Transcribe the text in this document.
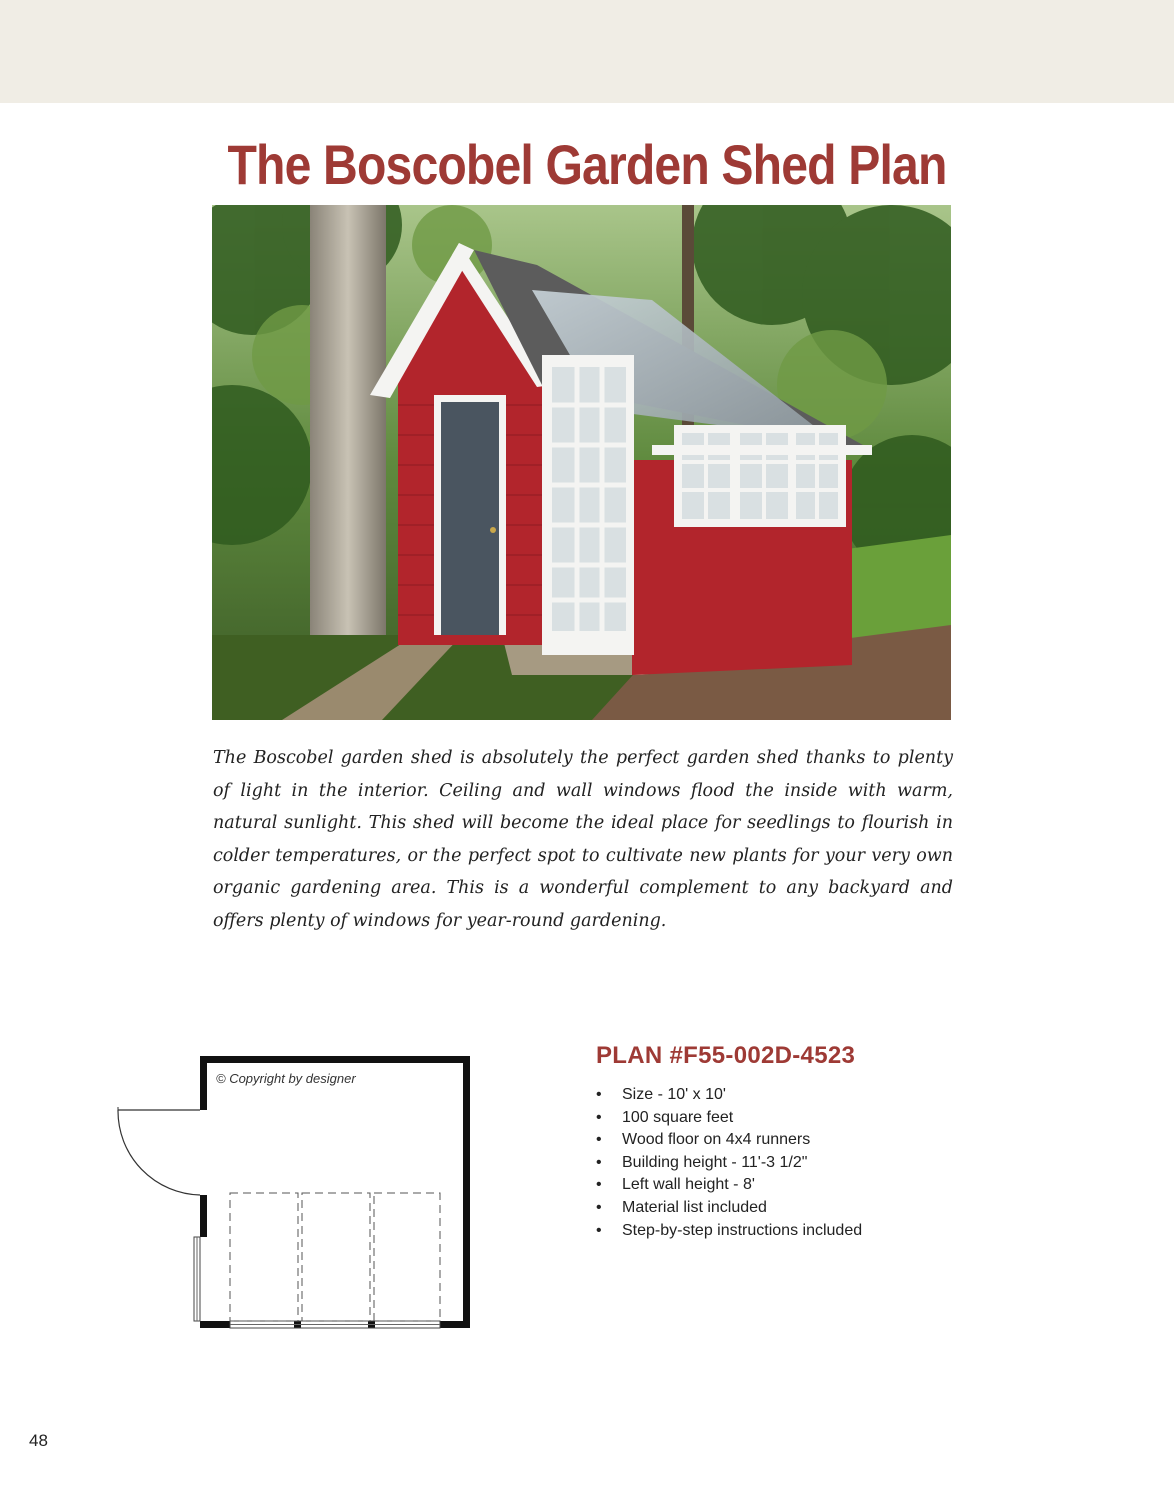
The Boscobel Garden Shed Plan

The Boscobel garden shed is absolutely the perfect garden shed thanks to plenty of light in the interior. Ceiling and wall windows flood the inside with warm, natural sunlight. This shed will become the ideal place for seedlings to flourish in colder temperatures, or the perfect spot to cultivate new plants for your very own organic gardening area. This is a wonderful complement to any backyard and offers plenty of windows for year-round gardening.

© Copyright by designer
PLAN #F55-002D-4523
• Size - 10' x 10'
• 100 square feet
• Wood floor on 4x4 runners
• Building height - 11'-3 1/2"
• Left wall height - 8'
• Material list included
• Step-by-step instructions included
48
